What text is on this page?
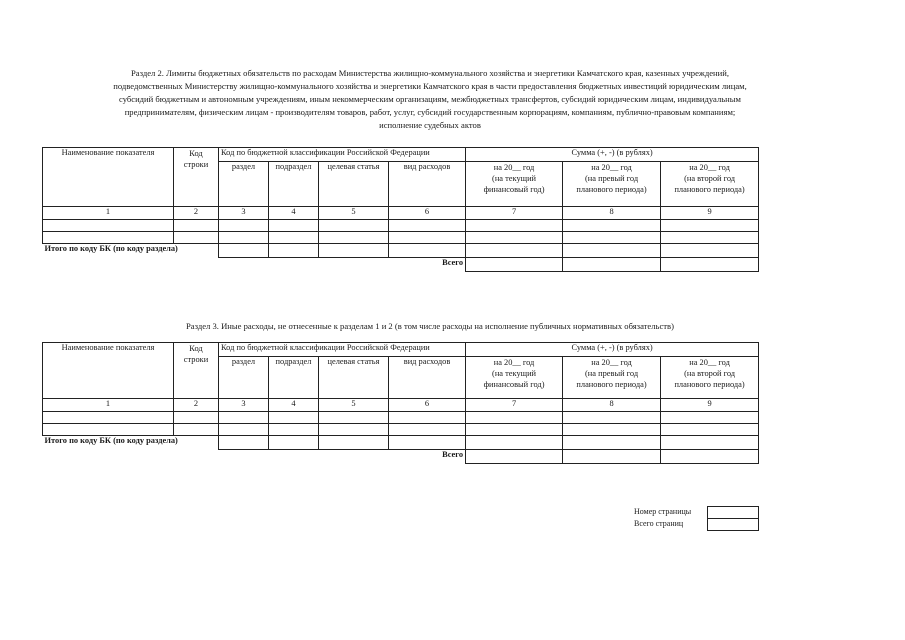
Раздел 2. Лимиты бюджетных обязательств по расходам Министерства жилищно-коммунального хозяйства и энергетики Камчатского края, казенных учреждений,
подведомственных Министерству жилищно-коммунального хозяйства и энергетики Камчатского края в части предоставления бюджетных инвестиций юридическим лицам,
субсидий бюджетным и автономным учреждениям, иным некоммерческим организациям, межбюджетных трансфертов, субсидий юридическим лицам, индивидуальным
предпринимателям, физическим лицам - производителям товаров, работ, услуг, субсидий государственным корпорациям, компаниям, публично-правовым компаниям;
исполнение судебных актов
Наименование показателя	Код
строки	Код по бюджетной классификации Российской Федерации				Сумма (+, -) (в рублях)		
		раздел	подраздел	целевая статья	вид расходов	на 20__ год
(на текущий
финансовый год)	на 20__ год
(на превый год
планового периода)	на 20__ год
(на второй год
планового периода)

1	2	3	4	5	6	7	8	9

Итого по коду БК (по коду раздела)								
					Всего			
Раздел 3. Иные расходы, не отнесенные к разделам 1 и 2 (в том числе расходы на исполнение публичных нормативных обязательств)
Наименование показателя	Код
строки	Код по бюджетной классификации Российской Федерации				Сумма (+, -) (в рублях)		
		раздел	подраздел	целевая статья	вид расходов	на 20__ год
(на текущий
финансовый год)	на 20__ год
(на превый год
планового периода)	на 20__ год
(на второй год
планового периода)

1	2	3	4	5	6	7	8	9

Итого по коду БК (по коду раздела)								
					Всего			
Номер страницы
Всего страниц
